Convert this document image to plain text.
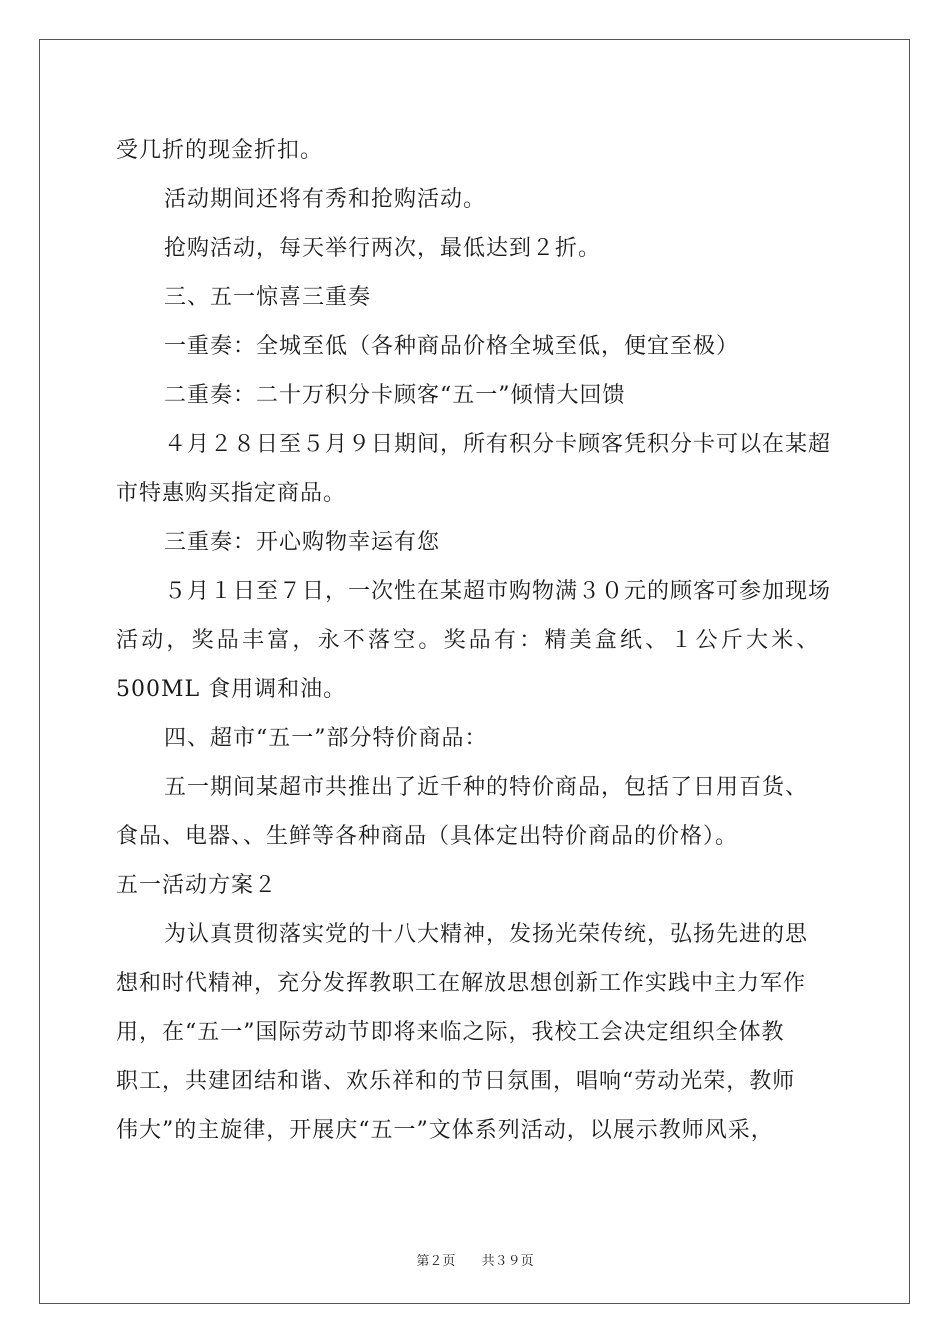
受几折的现金折扣。
活动期间还将有秀和抢购活动。
抢购活动，每天举行两次，最低达到２折。
三、五一惊喜三重奏
一重奏：全城至低（各种商品价格全城至低，便宜至极）
二重奏：二十万积分卡顾客“五一”倾情大回馈
４月２８日至５月９日期间，所有积分卡顾客凭积分卡可以在某超
市特惠购买指定商品。
三重奏：开心购物幸运有您
５月１日至７日，一次性在某超市购物满３０元的顾客可参加现场
活动，奖品丰富，永不落空。奖品有：精美盒纸、１公斤大米、
500ML 食用调和油。
四、超市“五一”部分特价商品：
五一期间某超市共推出了近千种的特价商品，包括了日用百货、
食品、电器、、生鲜等各种商品（具体定出特价商品的价格）。
五一活动方案２
为认真贯彻落实党的十八大精神，发扬光荣传统，弘扬先进的思
想和时代精神，充分发挥教职工在解放思想创新工作实践中主力军作
用，在“五一”国际劳动节即将来临之际，我校工会决定组织全体教
职工，共建团结和谐、欢乐祥和的节日氛围，唱响“劳动光荣，教师
伟大”的主旋律，开展庆“五一”文体系列活动，以展示教师风采，
第２页 共３９页
